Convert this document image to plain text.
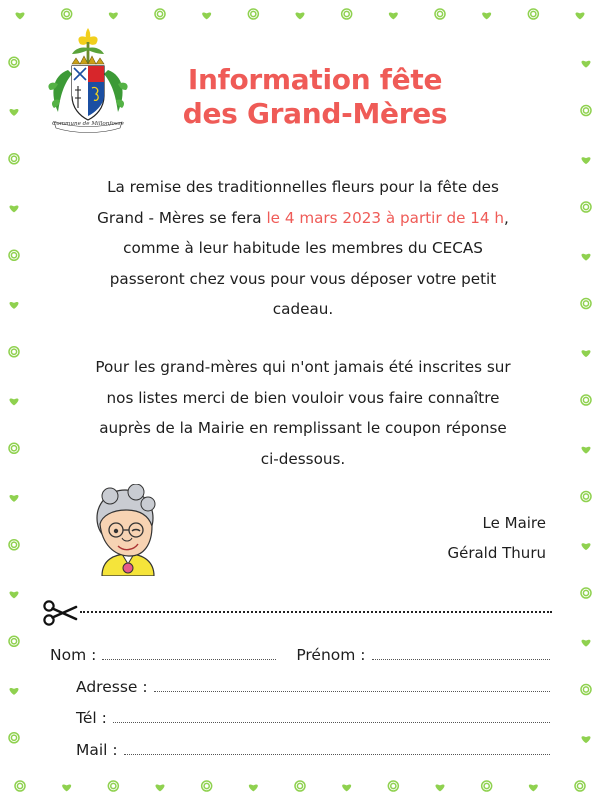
Commune de Millonfosse
Information fête
des Grand-Mères
La remise des traditionnelles fleurs pour la fête des
Grand - Mères se fera le 4 mars 2023 à partir de 14 h,
comme à leur habitude les membres du CECAS
passeront chez vous pour vous déposer votre petit
cadeau.
Pour les grand-mères qui n'ont jamais été inscrites sur
nos listes merci de bien vouloir vous faire connaître
auprès de la Mairie en remplissant le coupon réponse
ci-dessous.
Le Maire
Gérald Thuru
Nom :	Prénom :
Adresse :
Tél :
Mail :
